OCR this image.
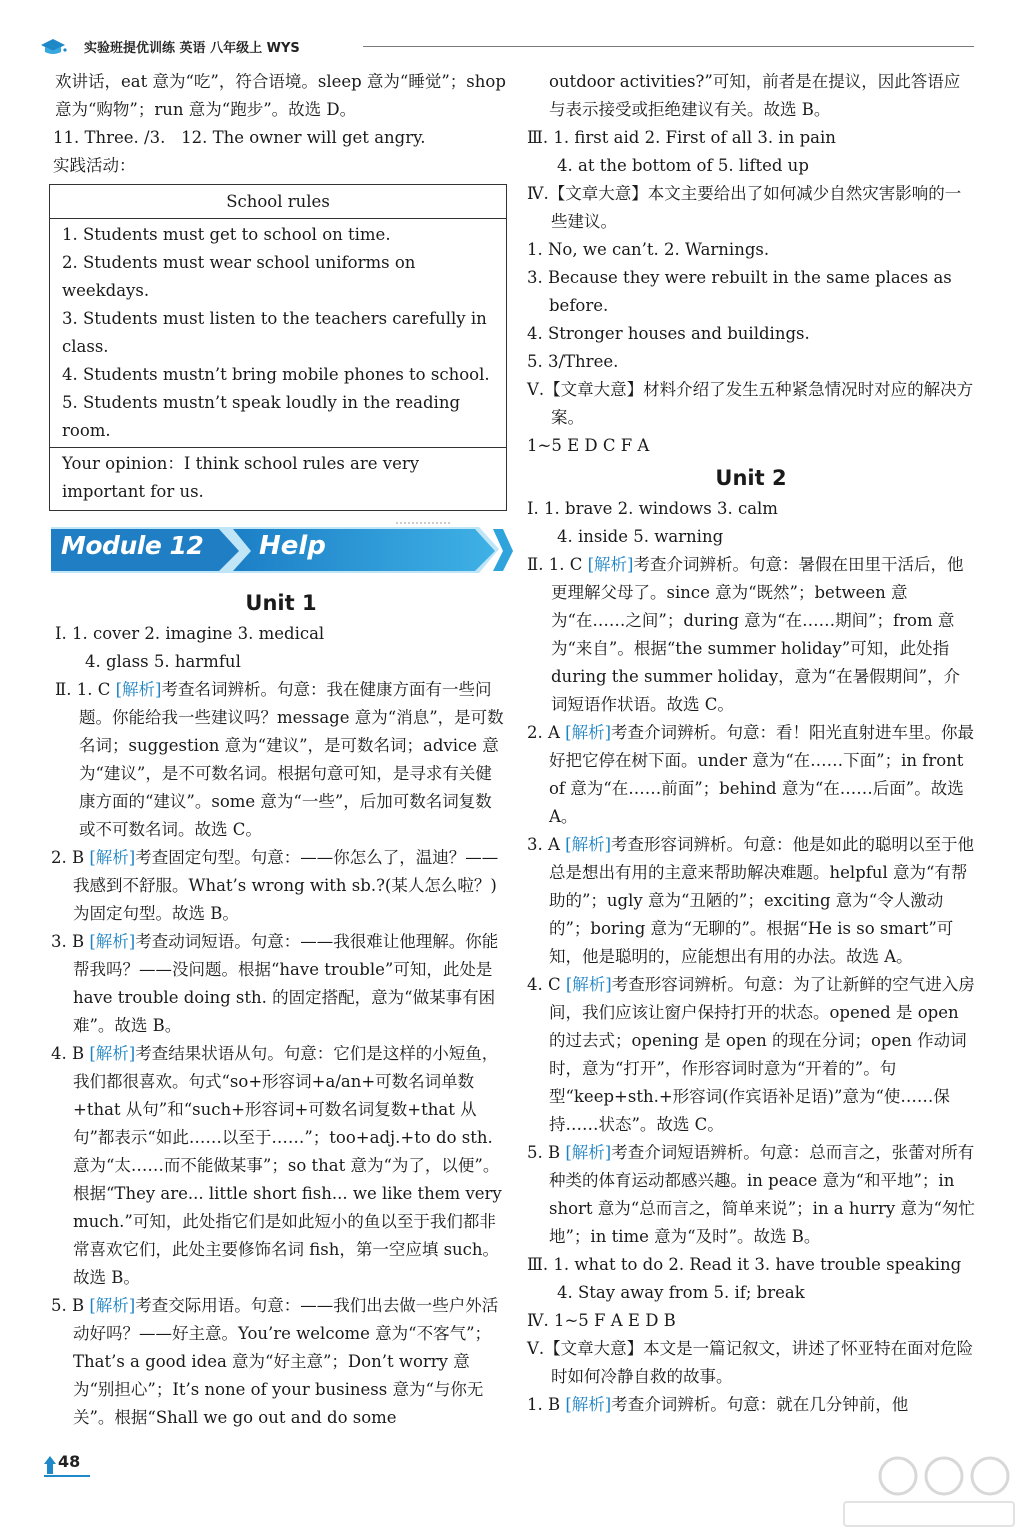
实验班提优训练 英语 八年级上 WYS

欢讲话，eat 意为“吃”，符合语境。sleep 意为“睡觉”；shop 意为“购物”；run 意为“跑步”。故选 D。

11. Three. /3. 12. The owner will get angry.

实践活动：

School rules

1. Students must get to school on time.

2. Students must wear school uniforms on weekdays.

3. Students must listen to the teachers carefully in class.

4. Students mustn’t bring mobile phones to school.

5. Students mustn’t speak loudly in the reading room.

Your opinion：I think school rules are very important for us.
Module 12 Help
Unit 1

Ⅰ. 1. cover 2. imagine 3. medical

4. glass 5. harmful

Ⅱ. 1. C [解析]考查名词辨析。句意：我在健康方面有一些问题。你能给我一些建议吗？message 意为“消息”，是可数名词；suggestion 意为“建议”，是可数名词；advice 意为“建议”，是不可数名词。根据句意可知，是寻求有关健康方面的“建议”。some 意为“一些”，后加可数名词复数或不可数名词。故选 C。

2. B [解析]考查固定句型。句意：——你怎么了，温迪？——我感到不舒服。What’s wrong with sb.?(某人怎么啦？)为固定句型。故选 B。

3. B [解析]考查动词短语。句意：——我很难让他理解。你能帮我吗？——没问题。根据“have trouble”可知，此处是 have trouble doing sth. 的固定搭配，意为“做某事有困难”。故选 B。

4. B [解析]考查结果状语从句。句意：它们是这样的小短鱼，我们都很喜欢。句式“so+形容词+a/an+可数名词单数+that 从句”和“such+形容词+可数名词复数+that 从句”都表示“如此……以至于……”；too+adj.+to do sth. 意为“太……而不能做某事”；so that 意为“为了，以便”。根据“They are... little short fish... we like them very much.”可知，此处指它们是如此短小的鱼以至于我们都非常喜欢它们，此处主要修饰名词 fish，第一空应填 such。故选 B。

5. B [解析]考查交际用语。句意：——我们出去做一些户外活动好吗？——好主意。You’re welcome 意为“不客气”；That’s a good idea 意为“好主意”；Don’t worry 意为“别担心”；It’s none of your business 意为“与你无关”。根据“Shall we go out and do some

outdoor activities?”可知，前者是在提议，因此答语应与表示接受或拒绝建议有关。故选 B。

Ⅲ. 1. first aid 2. First of all 3. in pain

4. at the bottom of 5. lifted up

Ⅳ.【文章大意】本文主要给出了如何减少自然灾害影响的一些建议。

1. No, we can’t. 2. Warnings.

3. Because they were rebuilt in the same places as before.

4. Stronger houses and buildings.

5. 3/Three.

Ⅴ.【文章大意】材料介绍了发生五种紧急情况时对应的解决方案。

1~5 E D C F A

Unit 2

Ⅰ. 1. brave 2. windows 3. calm

4. inside 5. warning

Ⅱ. 1. C [解析]考查介词辨析。句意：暑假在田里干活后，他更理解父母了。since 意为“既然”；between 意为“在……之间”；during 意为“在……期间”；from 意为“来自”。根据“the summer holiday”可知，此处指 during the summer holiday，意为“在暑假期间”，介词短语作状语。故选 C。

2. A [解析]考查介词辨析。句意：看！阳光直射进车里。你最好把它停在树下面。under 意为“在……下面”；in front of 意为“在……前面”；behind 意为“在……后面”。故选 A。

3. A [解析]考查形容词辨析。句意：他是如此的聪明以至于他总是想出有用的主意来帮助解决难题。helpful 意为“有帮助的”；ugly 意为“丑陋的”；exciting 意为“令人激动的”；boring 意为“无聊的”。根据“He is so smart”可知，他是聪明的，应能想出有用的办法。故选 A。

4. C [解析]考查形容词辨析。句意：为了让新鲜的空气进入房间，我们应该让窗户保持打开的状态。opened 是 open 的过去式；opening 是 open 的现在分词；open 作动词时，意为“打开”，作形容词时意为“开着的”。句型“keep+sth.+形容词(作宾语补足语)”意为“使……保持……状态”。故选 C。

5. B [解析]考查介词短语辨析。句意：总而言之，张蕾对所有种类的体育运动都感兴趣。in peace 意为“和平地”；in short 意为“总而言之，简单来说”；in a hurry 意为“匆忙地”；in time 意为“及时”。故选 B。

Ⅲ. 1. what to do 2. Read it 3. have trouble speaking

4. Stay away from 5. if; break

Ⅳ. 1~5 F A E D B

Ⅴ.【文章大意】本文是一篇记叙文，讲述了怀亚特在面对危险时如何冷静自救的故事。

1. B [解析]考查介词辨析。句意：就在几分钟前，他

48
